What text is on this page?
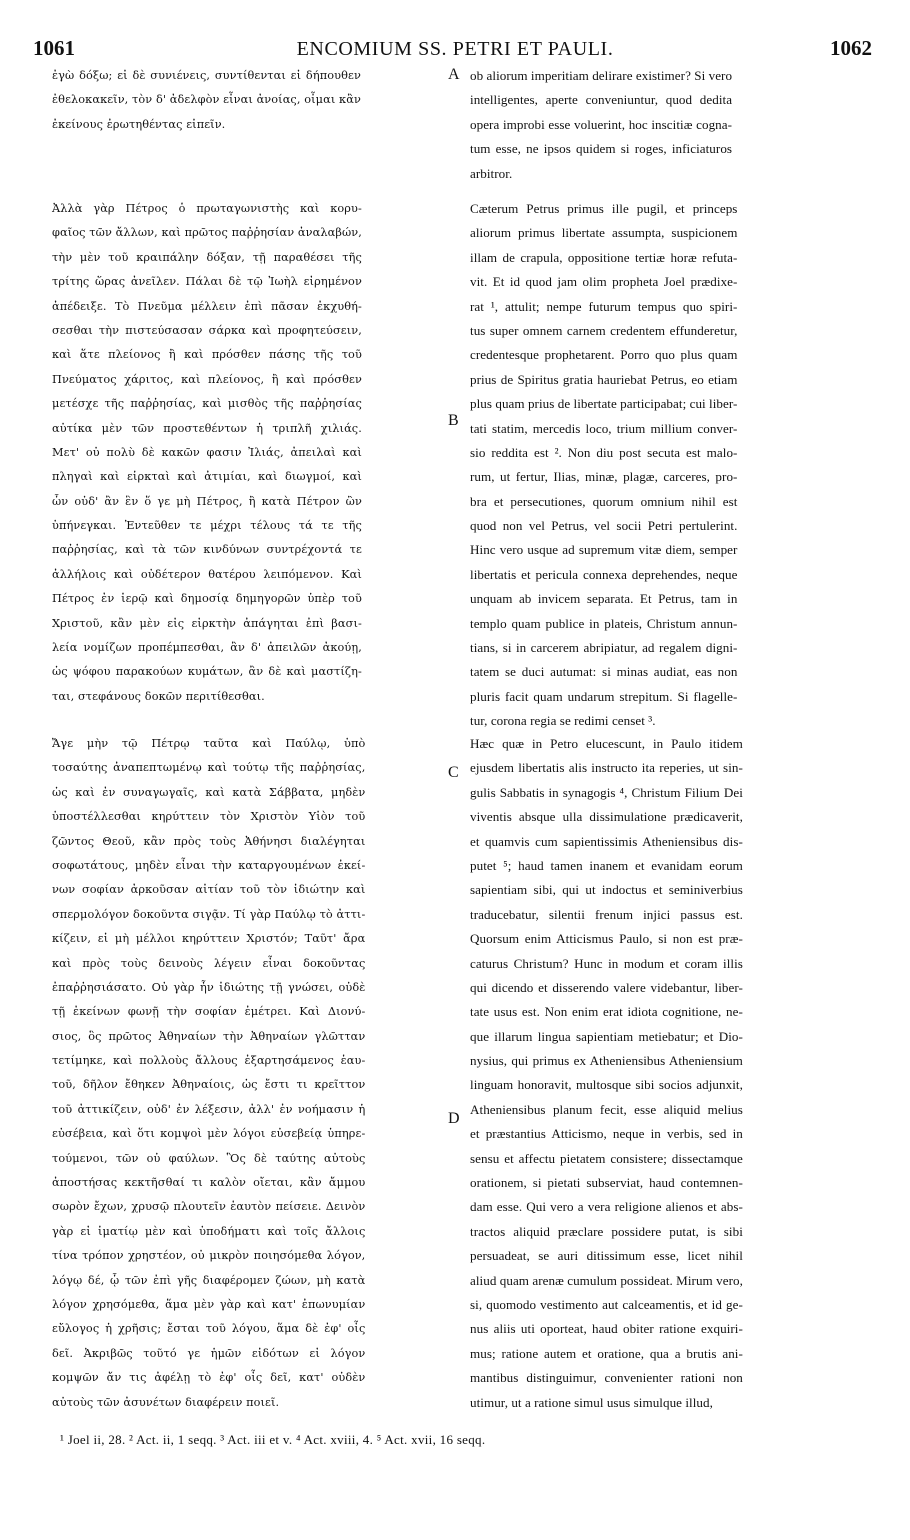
1061	ENCOMIUM SS. PETRI ET PAULI.	1062
ἐγὼ δόξω; εἰ δὲ συνιένεις, συντίθενται εἰ δήπουθεν
ἐθελοκακεῖν, τὸν δ' ἀδελφὸν εἶναι ἀνοίας, οἶμαι κἂν
ἐκείνους ἐρωτηθέντας εἰπεῖν.
Ἀλλὰ γὰρ Πέτρος ὁ πρωταγωνιστὴς καὶ κορυ-
φαῖος τῶν ἄλλων, καὶ πρῶτος παῤῥησίαν ἀναλαβών,
τὴν μὲν τοῦ κραιπάλην δόξαν, τῇ παραθέσει τῆς
τρίτης ὥρας ἀνεῖλεν. Πάλαι δὲ τῷ Ἰωὴλ εἰρημένον
ἀπέδειξε. Τὸ Πνεῦμα μέλλειν ἐπὶ πᾶσαν ἐκχυθή-
σεσθαι τὴν πιστεύσασαν σάρκα καὶ προφητεύσειν,
καὶ ἅτε πλείονος ἢ καὶ πρόσθεν πάσης τῆς τοῦ
Πνεύματος χάριτος, καὶ πλείονος, ἢ καὶ πρόσθεν
μετέσχε τῆς παῤῥησίας, καὶ μισθὸς τῆς παῤῥησίας
αὐτίκα μὲν τῶν προστεθέντων ἡ τριπλῆ χιλιάς.
Μετ' οὐ πολὺ δὲ κακῶν φασιν Ἰλιάς, ἀπειλαὶ καὶ
πληγαὶ καὶ εἱρκταὶ καὶ ἀτιμίαι, καὶ διωγμοί, καὶ
ὧν οὐδ' ἂν ἓν ὅ γε μὴ Πέτρος, ἢ κατὰ Πέτρον ὢν
ὑπήνεγκαι. Ἐντεῦθεν τε μέχρι τέλους τά τε τῆς
παῤῥησίας, καὶ τὰ τῶν κινδύνων συντρέχοντά τε
ἀλλήλοις καὶ οὐδέτερον θατέρου λειπόμενον. Καὶ
Πέτρος ἐν ἱερῷ καὶ δημοσίᾳ δημηγορῶν ὑπὲρ τοῦ
Χριστοῦ, κἂν μὲν εἰς εἱρκτὴν ἀπάγηται ἐπὶ βασι-
λεία νομίζων προπέμπεσθαι, ἂν δ' ἀπειλῶν ἀκούῃ,
ὡς ψόφου παρακούων κυμάτων, ἂν δὲ καὶ μαστίζη-
ται, στεφάνους δοκῶν περιτίθεσθαι.
Ἄγε μὴν τῷ Πέτρῳ ταῦτα καὶ Παύλῳ, ὑπὸ
τοσαύτης ἀναπεπτωμένῳ καὶ τούτῳ τῆς παῤῥησίας,
ὡς καὶ ἐν συναγωγαῖς, καὶ κατὰ Σάββατα, μηδὲν
ὑποστέλλεσθαι κηρύττειν τὸν Χριστὸν Υἱὸν τοῦ
ζῶντος Θεοῦ, κἂν πρὸς τοὺς Ἀθήνησι διαλέγηται
σοφωτάτους, μηδὲν εἶναι τὴν καταργουμένων ἐκεί-
νων σοφίαν ἀρκοῦσαν αἰτίαν τοῦ τὸν ἰδιώτην καὶ
σπερμολόγον δοκοῦντα σιγᾷν. Τί γὰρ Παύλῳ τὸ ἀττι-
κίζειν, εἰ μὴ μέλλοι κηρύττειν Χριστόν; Ταῦτ' ἄρα
καὶ πρὸς τοὺς δεινοὺς λέγειν εἶναι δοκοῦντας
ἐπαῤῥησιάσατο. Οὐ γὰρ ἦν ἰδιώτης τῇ γνώσει, οὐδὲ
τῇ ἐκείνων φωνῇ τὴν σοφίαν ἐμέτρει. Καὶ Διονύ-
σιος, ὃς πρῶτος Ἀθηναίων τὴν Ἀθηναίων γλῶτταν
τετίμηκε, καὶ πολλοὺς ἄλλους ἐξαρτησάμενος ἑαυ-
τοῦ, δῆλον ἔθηκεν Ἀθηναίοις, ὡς ἔστι τι κρεῖττον
τοῦ ἀττικίζειν, οὐδ' ἐν λέξεσιν, ἀλλ' ἐν νοήμασιν ἡ
εὐσέβεια, καὶ ὅτι κομψοὶ μὲν λόγοι εὐσεβείᾳ ὑπηρε-
τούμενοι, τῶν οὐ φαύλων. Ὃς δὲ ταύτης αὐτοὺς
ἀποστήσας κεκτῆσθαί τι καλὸν οἴεται, κἂν ἄμμου
σωρὸν ἔχων, χρυσῷ πλουτεῖν ἑαυτὸν πείσειε. Δεινὸν
γὰρ εἰ ἱματίῳ μὲν καὶ ὑποδήματι καὶ τοῖς ἄλλοις
τίνα τρόπον χρηστέον, οὐ μικρὸν ποιησόμεθα λόγον,
λόγῳ δέ, ᾧ τῶν ἐπὶ γῆς διαφέρομεν ζώων, μὴ κατὰ
λόγον χρησόμεθα, ἅμα μὲν γὰρ καὶ κατ' ἐπωνυμίαν
εὔλογος ἡ χρῆσις; ἔσται τοῦ λόγου, ἅμα δὲ ἐφ' οἷς
δεῖ. Ἀκριβῶς τοῦτό γε ἡμῶν εἰδότων εἰ λόγον
κομψῶν ἄν τις ἀφέλῃ τὸ ἐφ' οἷς δεῖ, κατ' οὐδὲν
αὐτοὺς τῶν ἀσυνέτων διαφέρειν ποιεῖ.
ob aliorum imperitiam delirare existimer? Si vero
intelligentes, aperte conveniuntur, quod dedita
opera improbi esse voluerint, hoc inscitiæ cogna-
tum esse, ne ipsos quidem si roges, inficiaturos
arbitror.
Cæterum Petrus primus ille pugil, et princeps
aliorum primus libertate assumpta, suspicionem
illam de crapula, oppositione tertiæ horæ refuta-
vit. Et id quod jam olim propheta Joel prædixe-
rat ¹, attulit; nempe futurum tempus quo spiri-
tus super omnem carnem credentem effunderetur,
credentesque prophetarent. Porro quo plus quam
prius de Spiritus gratia hauriebat Petrus, eo etiam
plus quam prius de libertate participabat; cui liber-
tati statim, mercedis loco, trium millium conver-
sio reddita est ². Non diu post secuta est malo-
rum, ut fertur, Ilias, minæ, plagæ, carceres, pro-
bra et persecutiones, quorum omnium nihil est
quod non vel Petrus, vel socii Petri pertulerint.
Hinc vero usque ad supremum vitæ diem, semper
libertatis et pericula connexa deprehendes, neque
unquam ab invicem separata. Et Petrus, tam in
templo quam publice in plateis, Christum annun-
tians, si in carcerem abripiatur, ad regalem digni-
tatem se duci autumat: si minas audiat, eas non
pluris facit quam undarum strepitum. Si flagelle-
tur, corona regia se redimi censet ³.
Hæc quæ in Petro elucescunt, in Paulo itidem
ejusdem libertatis alis instructo ita reperies, ut sin-
gulis Sabbatis in synagogis ⁴, Christum Filium Dei
viventis absque ulla dissimulatione prædicaverit,
et quamvis cum sapientissimis Atheniensibus dis-
putet ⁵; haud tamen inanem et evanidam eorum
sapientiam sibi, qui ut indoctus et seminiverbius
traducebatur, silentii frenum injici passus est.
Quorsum enim Atticismus Paulo, si non est præ-
caturus Christum? Hunc in modum et coram illis
qui dicendo et disserendo valere videbantur, liber-
tate usus est. Non enim erat idiota cognitione, ne-
que illarum lingua sapientiam metiebatur; et Dio-
nysius, qui primus ex Atheniensibus Atheniensium
linguam honoravit, multosque sibi socios adjunxit,
Atheniensibus planum fecit, esse aliquid melius
et præstantius Atticismo, neque in verbis, sed in
sensu et affectu pietatem consistere; dissectamque
orationem, si pietati subserviat, haud contemnen-
dam esse. Qui vero a vera religione alienos et abs-
tractos aliquid præclare possidere putat, is sibi
persuadeat, se auri ditissimum esse, licet nihil
aliud quam arenæ cumulum possideat. Mirum vero,
si, quomodo vestimento aut calceamentis, et id ge-
nus aliis uti oporteat, haud obiter ratione exquiri-
mus; ratione autem et oratione, qua a brutis ani-
mantibus distinguimur, convenienter rationi non
utimur, ut a ratione simul usus simulque illud,
A
B
C
D
¹ Joel ii, 28. ² Act. ii, 1 seqq. ³ Act. iii et v. ⁴ Act. xviii, 4. ⁵ Act. xvii, 16 seqq.
